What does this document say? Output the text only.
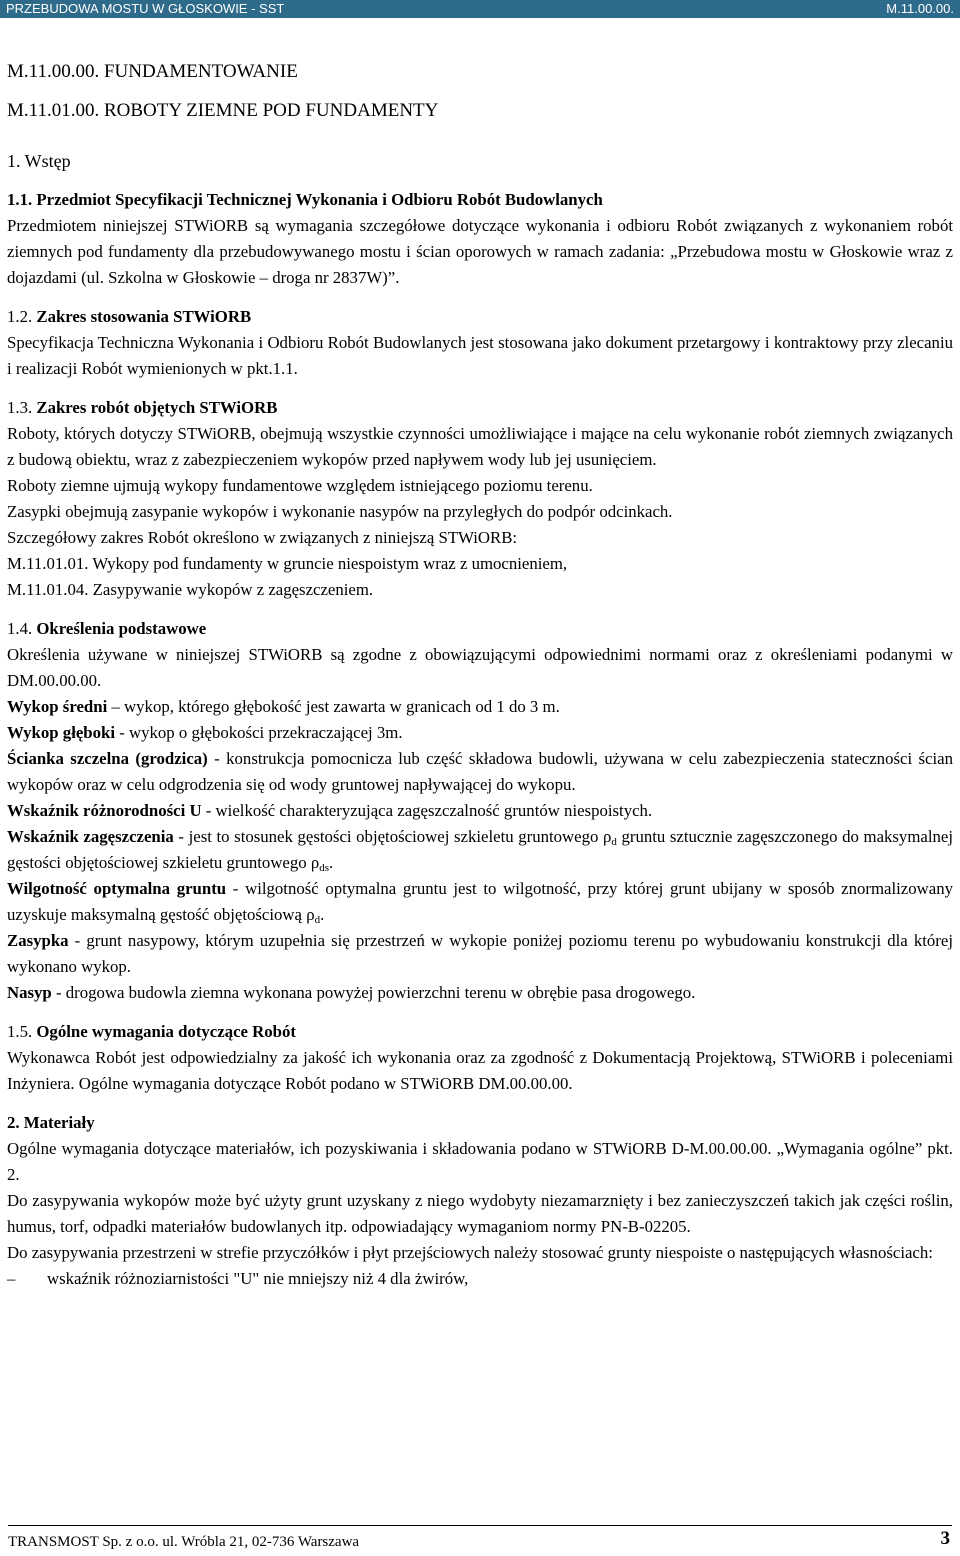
PRZEBUDOWA MOSTU W GŁOSKOWIE - SST	M.11.00.00.

M.11.00.00. FUNDAMENTOWANIE

M.11.01.00. ROBOTY ZIEMNE POD FUNDAMENTY

1. Wstęp

1.1. Przedmiot Specyfikacji Technicznej Wykonania i Odbioru Robót Budowlanych

Przedmiotem niniejszej STWiORB są wymagania szczegółowe dotyczące wykonania i odbioru Robót związanych z wykonaniem robót ziemnych pod fundamenty dla przebudowywanego mostu i ścian oporowych w ramach zadania: „Przebudowa mostu w Głoskowie wraz z dojazdami (ul. Szkolna w Głoskowie – droga nr 2837W)”.

1.2. Zakres stosowania STWiORB

Specyfikacja Techniczna Wykonania i Odbioru Robót Budowlanych jest stosowana jako dokument przetargowy i kontraktowy przy zlecaniu i realizacji Robót wymienionych w pkt.1.1.

1.3. Zakres robót objętych STWiORB

Roboty, których dotyczy STWiORB, obejmują wszystkie czynności umożliwiające i mające na celu wykonanie robót ziemnych związanych z budową obiektu, wraz z zabezpieczeniem wykopów przed napływem wody lub jej usunięciem.

Roboty ziemne ujmują wykopy fundamentowe względem istniejącego poziomu terenu.

Zasypki obejmują zasypanie wykopów i wykonanie nasypów na przyległych do podpór odcinkach.

Szczegółowy zakres Robót określono w związanych z niniejszą STWiORB:

M.11.01.01. Wykopy pod fundamenty w gruncie niespoistym wraz z umocnieniem,

M.11.01.04. Zasypywanie wykopów z zagęszczeniem.

1.4. Określenia podstawowe

Określenia używane w niniejszej STWiORB są zgodne z obowiązującymi odpowiednimi normami oraz z określeniami podanymi w DM.00.00.00.

Wykop średni – wykop, którego głębokość jest zawarta w granicach od 1 do 3 m.

Wykop głęboki - wykop o głębokości przekraczającej 3m.

Ścianka szczelna (grodzica) - konstrukcja pomocnicza lub część składowa budowli, używana w celu zabezpieczenia stateczności ścian wykopów oraz w celu odgrodzenia się od wody gruntowej napływającej do wykopu.

Wskaźnik różnorodności U - wielkość charakteryzująca zagęszczalność gruntów niespoistych.

Wskaźnik zagęszczenia - jest to stosunek gęstości objętościowej szkieletu gruntowego $\rho_d$ gruntu sztucznie zagęszczonego do maksymalnej gęstości objętościowej szkieletu gruntowego $\rho_{ds}$.

Wilgotność optymalna gruntu - wilgotność optymalna gruntu jest to wilgotność, przy której grunt ubijany w sposób znormalizowany uzyskuje maksymalną gęstość objętościową $\rho_d$.

Zasypka - grunt nasypowy, którym uzupełnia się przestrzeń w wykopie poniżej poziomu terenu po wybudowaniu konstrukcji dla której wykonano wykop.

Nasyp - drogowa budowla ziemna wykonana powyżej powierzchni terenu w obrębie pasa drogowego.

1.5. Ogólne wymagania dotyczące Robót

Wykonawca Robót jest odpowiedzialny za jakość ich wykonania oraz za zgodność z Dokumentacją Projektową, STWiORB i poleceniami Inżyniera. Ogólne wymagania dotyczące Robót podano w STWiORB DM.00.00.00.

2. Materiały

Ogólne wymagania dotyczące materiałów, ich pozyskiwania i składowania podano w STWiORB D-M.00.00.00. „Wymagania ogólne” pkt. 2.

Do zasypywania wykopów może być użyty grunt uzyskany z niego wydobyty niezamarznięty i bez zanieczyszczeń takich jak części roślin, humus, torf, odpadki materiałów budowlanych itp. odpowiadający wymaganiom normy PN-B-02205.

Do zasypywania przestrzeni w strefie przyczółków i płyt przejściowych należy stosować grunty niespoiste o następujących własnościach:

–	wskaźnik różnoziarnistości "U" nie mniejszy niż 4 dla żwirów,
TRANSMOST Sp. z o.o. ul. Wróbla 21, 02-736 Warszawa	3
